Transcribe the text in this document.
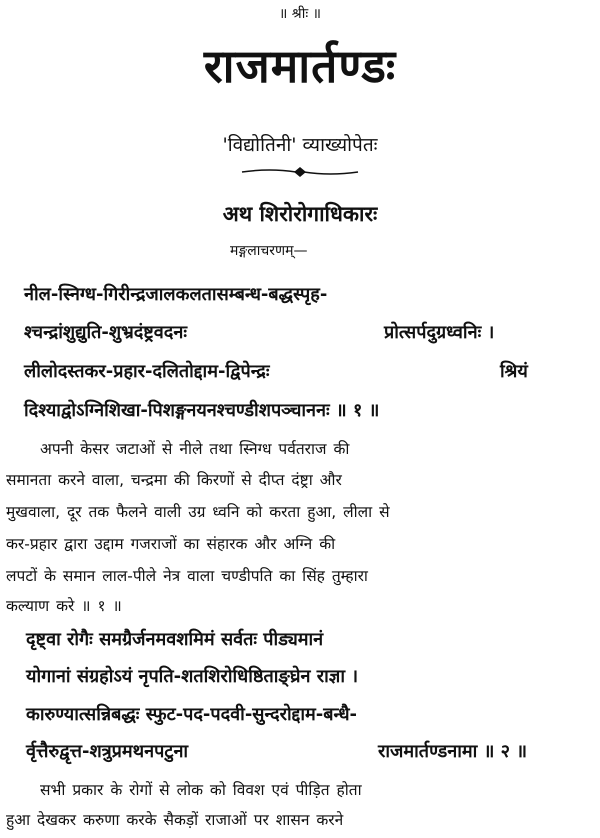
॥ श्रीः ॥
राजमार्तण्डः
'विद्योतिनी' व्याख्योपेतः
अथ शिरोरोगाधिकारः
मङ्गलाचरणम्—
नील-स्निग्ध-गिरीन्द्रजालकलतासम्बन्ध-बद्धस्पृह-
श्चन्द्रांशुद्युति-शुभ्रदंष्ट्रवदनः	प्रोत्सर्पदुग्रध्वनिः ।
लीलोदस्तकर-प्रहार-दलितोद्दाम-द्विपेन्द्रः	श्रियं
दिश्याद्वोऽग्निशिखा-पिशङ्गनयनश्चण्डीशपञ्चाननः ॥ १ ॥
अपनी केसर जटाओं से नीले तथा स्निग्ध पर्वतराज की
समानता करने वाला, चन्द्रमा की किरणों से दीप्त दंष्ट्रा और
मुखवाला, दूर तक फैलने वाली उग्र ध्वनि को करता हुआ, लीला से
कर-प्रहार द्वारा उद्दाम गजराजों का संहारक और अग्नि की
लपटों के समान लाल-पीले नेत्र वाला चण्डीपति का सिंह तुम्हारा
कल्याण करे ॥ १ ॥
दृष्ट्वा रोगैः समग्रैर्जनमवशमिमं सर्वतः पीड्यमानं
योगानां संग्रहोऽयं नृपति-शतशिरोधिष्ठिताङ्घ्रेन राज्ञा ।
कारुण्यात्सन्निबद्धः स्फुट-पद-पदवी-सुन्दरोद्दाम-बन्धै-
र्वृत्तैरुद्वृत्त-शत्रुप्रमथनपटुना	राजमार्तण्डनामा ॥ २ ॥
सभी प्रकार के रोगों से लोक को विवश एवं पीड़ित होता
हुआ देखकर करुणा करके सैकड़ों राजाओं पर शासन करने
